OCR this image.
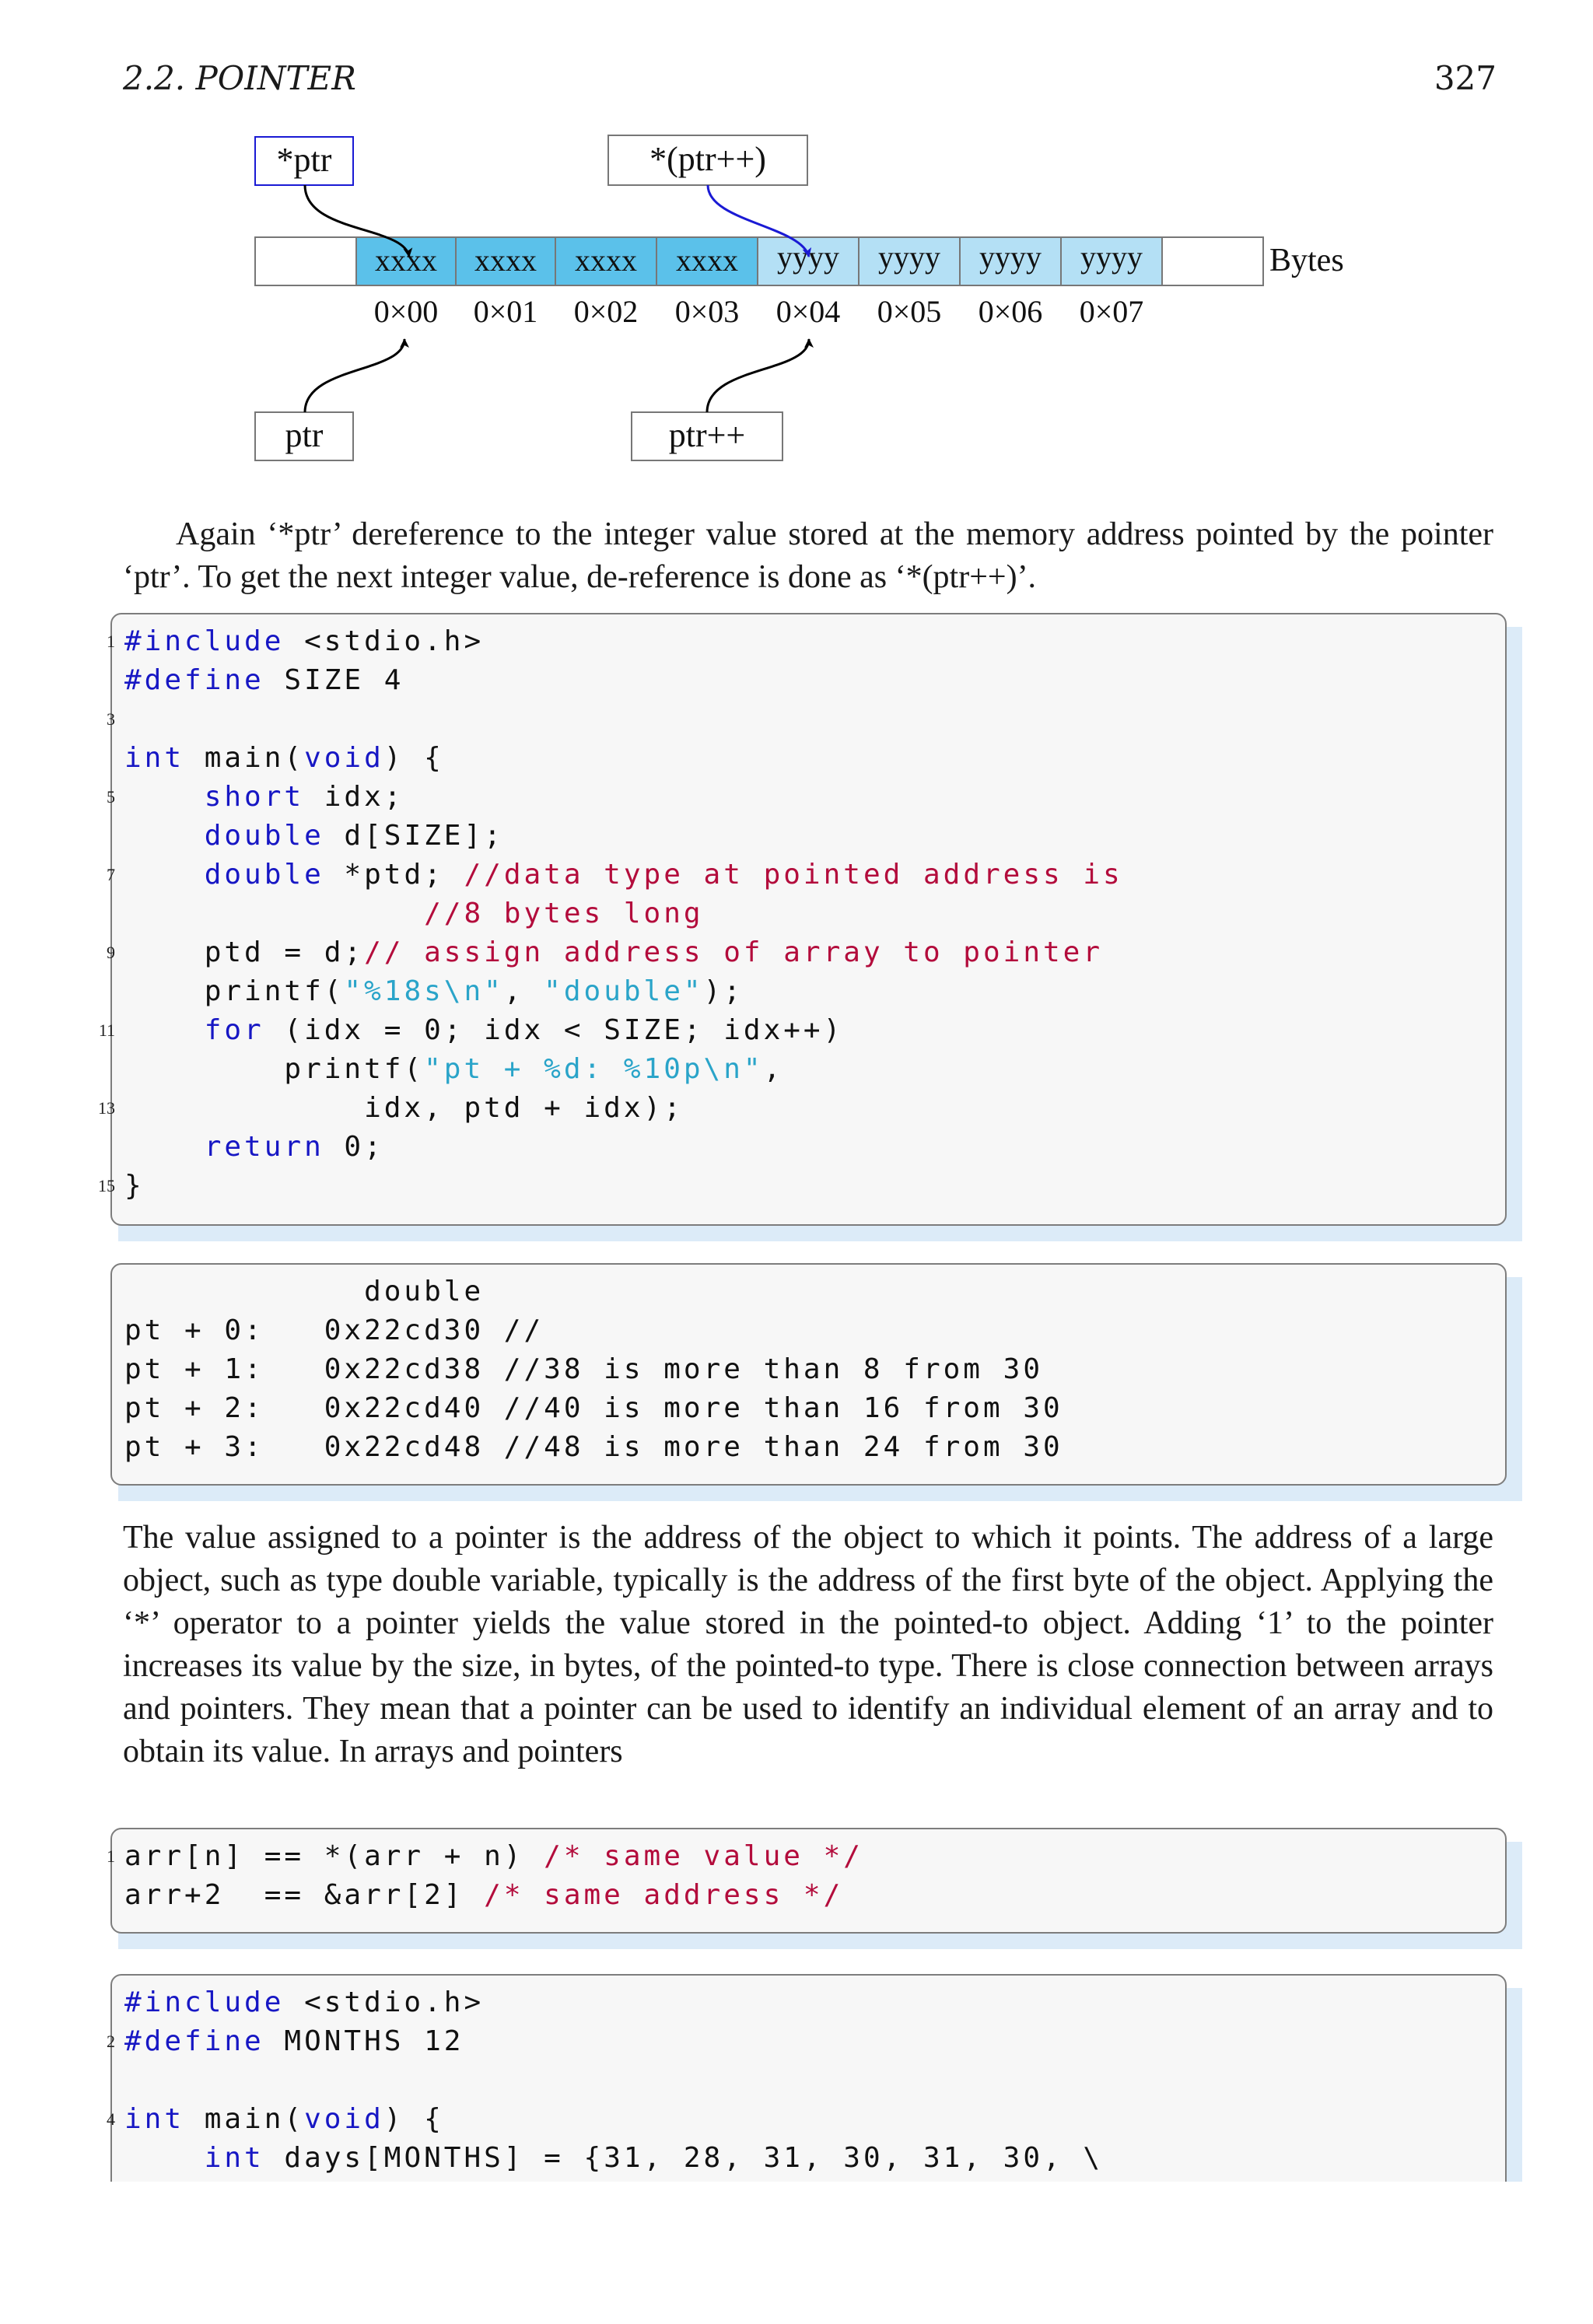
2.2. POINTER	327
*ptr	*(ptr++)
xxxx xxxx xxxx xxxx yyyy yyyy yyyy yyyy	Bytes
0×00 0×01 0×02 0×03 0×04 0×05 0×06 0×07
ptr	ptr++

Again ‘*ptr’ dereference to the integer value stored at the memory address pointed by the pointer ‘ptr’. To get the next integer value, de-reference is done as ‘*(ptr++)’.

1 #include <stdio.h>
#define SIZE 4
3
int main(void) {
5	short idx;
double d[SIZE];
7	double *ptd; //data type at pointed address is
//8 bytes long
9 ptd = d;// assign address of array to pointer
printf("%18s\n", "double");
11	for (idx = 0; idx < SIZE; idx++)
printf("pt + %d: %10p\n",
13 idx, ptd + idx);
return 0;
15 }
double
pt + 0:   0x22cd30 //
pt + 1:   0x22cd38 //38 is more than 8 from 30
pt + 2:   0x22cd40 //40 is more than 16 from 30
pt + 3:   0x22cd48 //48 is more than 24 from 30

The value assigned to a pointer is the address of the object to which it points. The address of a large object, such as type double variable, typically is the address of the first byte of the object. Applying the ‘*’ operator to a pointer yields the value stored in the pointed-to object. Adding ‘1’ to the pointer increases its value by the size, in bytes, of the pointed-to type. There is close connection between arrays and pointers. They mean that a pointer can be used to identify an individual element of an array and to obtain its value. In arrays and pointers

1 arr[n] == *(arr + n) /* same value */
arr+2  == &arr[2] /* same address */
#include <stdio.h>
2 #define MONTHS 12
4 int main(void) {
int days[MONTHS] = {31, 28, 31, 30, 31, 30, \
